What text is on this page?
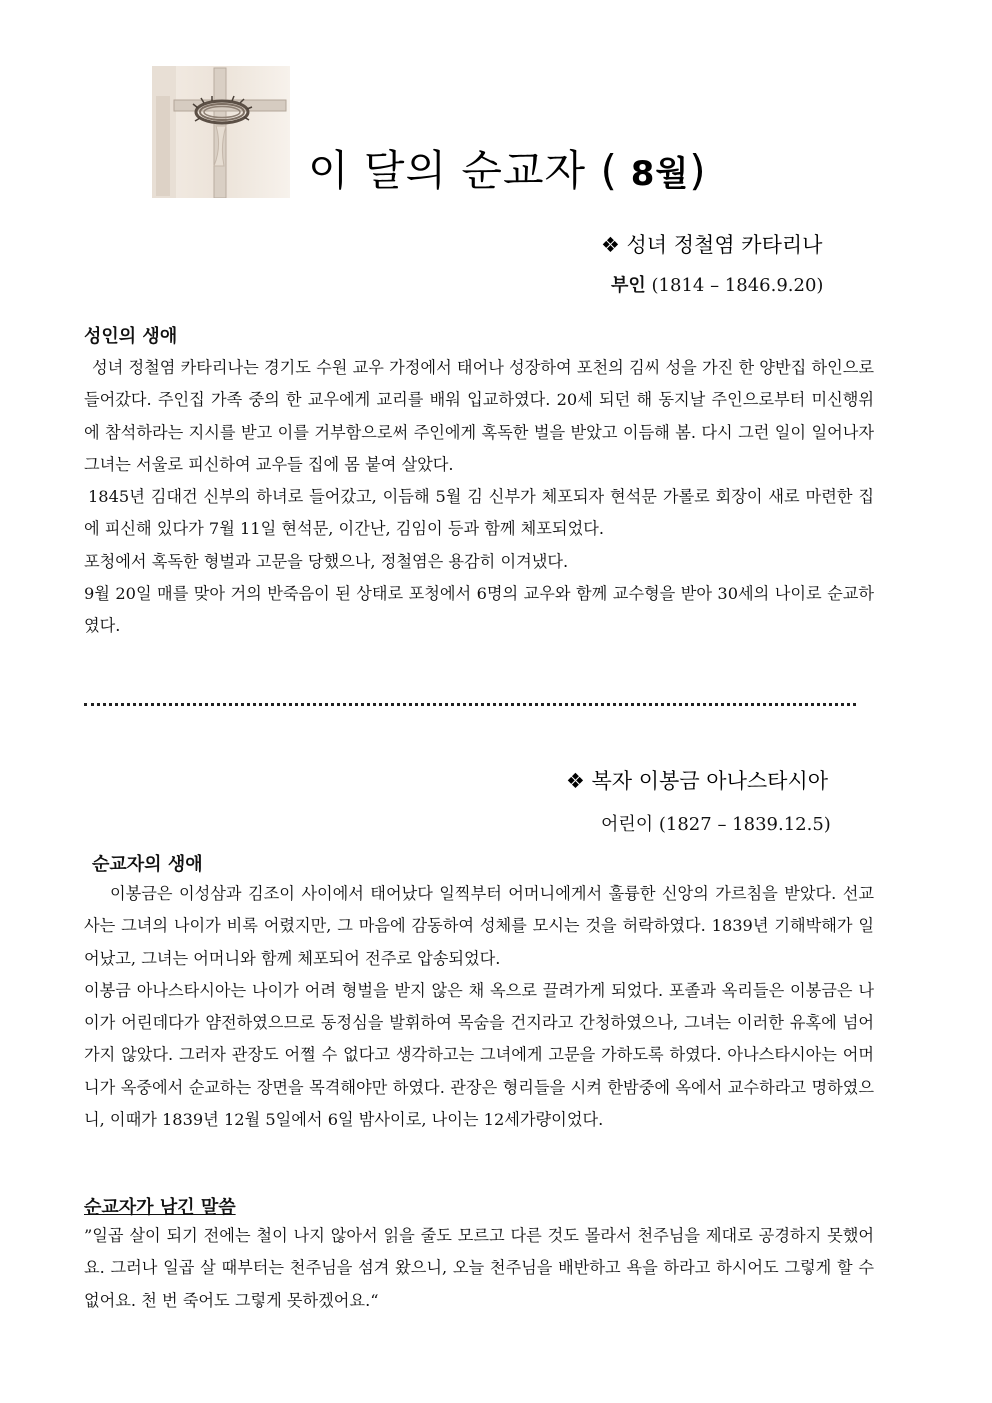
이 달의 순교자 ( 8월)
❖ 성녀 정철염 카타리나
부인 (1814 – 1846.9.20)
성인의 생애

성녀 정철염 카타리나는 경기도 수원 교우 가정에서 태어나 성장하여 포천의 김씨 성을 가진 한 양반집 하인으로 들어갔다. 주인집 가족 중의 한 교우에게 교리를 배워 입교하였다. 20세 되던 해 동지날 주인으로부터 미신행위에 참석하라는 지시를 받고 이를 거부함으로써 주인에게 혹독한 벌을 받았고 이듬해 봄. 다시 그런 일이 일어나자 그녀는 서울로 피신하여 교우들 집에 몸 붙여 살았다.

1845년 김대건 신부의 하녀로 들어갔고, 이듬해 5월 김 신부가 체포되자 현석문 가롤로 회장이 새로 마련한 집에 피신해 있다가 7월 11일 현석문, 이간난, 김임이 등과 함께 체포되었다.

포청에서 혹독한 형벌과 고문을 당했으나, 정철염은 용감히 이겨냈다.

9월 20일 매를 맞아 거의 반죽음이 된 상태로 포청에서 6명의 교우와 함께 교수형을 받아 30세의 나이로 순교하였다.

❖ 복자 이봉금 아나스타시아
어린이 (1827 – 1839.12.5)
순교자의 생애

이봉금은 이성삼과 김조이 사이에서 태어났다 일찍부터 어머니에게서 훌륭한 신앙의 가르침을 받았다. 선교사는 그녀의 나이가 비록 어렸지만, 그 마음에 감동하여 성체를 모시는 것을 허락하였다. 1839년 기해박해가 일어났고, 그녀는 어머니와 함께 체포되어 전주로 압송되었다.

이봉금 아나스타시아는 나이가 어려 형벌을 받지 않은 채 옥으로 끌려가게 되었다. 포졸과 옥리들은 이봉금은 나이가 어린데다가 얌전하였으므로 동정심을 발휘하여 목숨을 건지라고 간청하였으나, 그녀는 이러한 유혹에 넘어가지 않았다. 그러자 관장도 어쩔 수 없다고 생각하고는 그녀에게 고문을 가하도록 하였다. 아나스타시아는 어머니가 옥중에서 순교하는 장면을 목격해야만 하였다. 관장은 형리들을 시켜 한밤중에 옥에서 교수하라고 명하였으니, 이때가 1839년 12월 5일에서 6일 밤사이로, 나이는 12세가량이었다.

순교자가 남긴 말씀

”일곱 살이 되기 전에는 철이 나지 않아서 읽을 줄도 모르고 다른 것도 몰라서 천주님을 제대로 공경하지 못했어요. 그러나 일곱 살 때부터는 천주님을 섬겨 왔으니, 오늘 천주님을 배반하고 욕을 하라고 하시어도 그렇게 할 수 없어요. 천 번 죽어도 그렇게 못하겠어요.“
